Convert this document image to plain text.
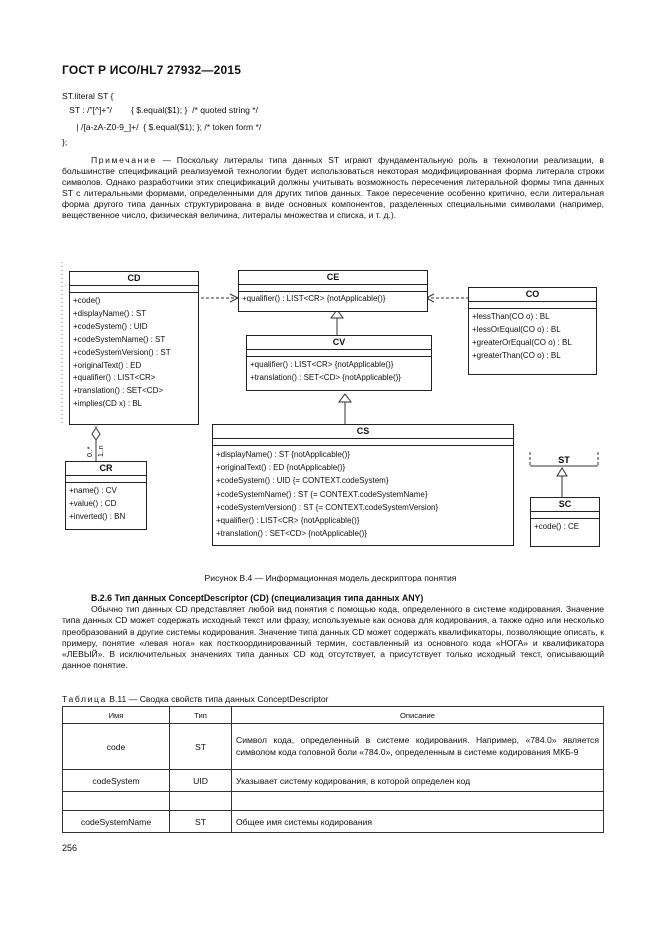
ГОСТ Р ИСО/HL7 27932—2015
ST.literal ST {
ST : /"[^]+"/        { $.equal($1); }  /* quoted string */
| /[a-zA-Z0-9_]+/  { $.equal($1); }; /* token form */
};
Примечание — Поскольку литералы типа данных ST играют фундаментальную роль в технологии реализации, в большинстве спецификаций реализуемой технологии будет использоваться некоторая модифицированная форма литерала строки символов. Однако разработчики этих спецификаций должны учитывать возможность пересечения литеральной формы типа данных ST с литеральными формами, определенными для других типов данных. Такое пересечение особенно критично, если литеральная форма другого типа данных структурирована в виде основных компонентов, разделенных специальными символами (например, вещественное число, физическая величина, литералы множества и списка, и т. д.).
0..* 1..n
ST
CD
+code()
+displayName() : ST
+codeSystem() : UID
+codeSystemName() : ST
+codeSystemVersion() : ST
+originalText() : ED
+qualifier() : LIST<CR>
+translation() : SET<CD>
+implies(CD x) : BL
CE
+qualifier() : LIST<CR> {notApplicable()}	CO
+lessThan(CO o) : BL
+lessOrEqual(CO o) : BL
+greaterOrEqual(CO o) : BL
+greaterThan(CO o) : BL
CV
+qualifier() : LIST<CR> {notApplicable()}
+translation() : SET<CD> {notApplicable()}
CS
+displayName() : ST {notApplicable()}
+originalText() : ED {notApplicable()}
+codeSystem() : UID {= CONTEXT.codeSystem}
+codeSystemName() : ST {= CONTEXT.codeSystemName}
+codeSystemVersion() : ST {= CONTEXT.codeSystemVersion}
+qualifier() : LIST<CR> {notApplicable()}
+translation() : SET<CD> {notApplicable()}
CR
+name() : CV
+value() : CD
+inverted() : BN
SC
+code() : CE
Рисунок В.4 — Информационная модель дескриптора понятия
В.2.6 Тип данных ConceptDescriptor (CD) (специализация типа данных ANY)
Обычно тип данных CD представляет любой вид понятия с помощью кода, определенного в системе кодирования. Значение типа данных CD может содержать исходный текст или фразу, используемые как основа для кодирования, а также одно или несколько преобразований в другие системы кодирования. Значение типа данных CD может содержать квалификаторы, позволяющие описать, к примеру, понятие «левая нога» как посткоординированный термин, составленный из основного кода «НОГА» и квалификатора «ЛЕВЫЙ». В исключительных значениях типа данных CD код отсутствует, а присутствует только исходный текст, описывающий данное понятие.
Таблица В.11 — Сводка свойств типа данных ConceptDescriptor
Имя	Тип	Описание
code	ST	Символ кода, определенный в системе кодирования. Например, «784.0» является символом кода головной боли «784.0», определенным в системе кодирования МКБ-9
codeSystem	UID	Указывает систему кодирования, в которой определен код

codeSystemName	ST	Общее имя системы кодирования
256
